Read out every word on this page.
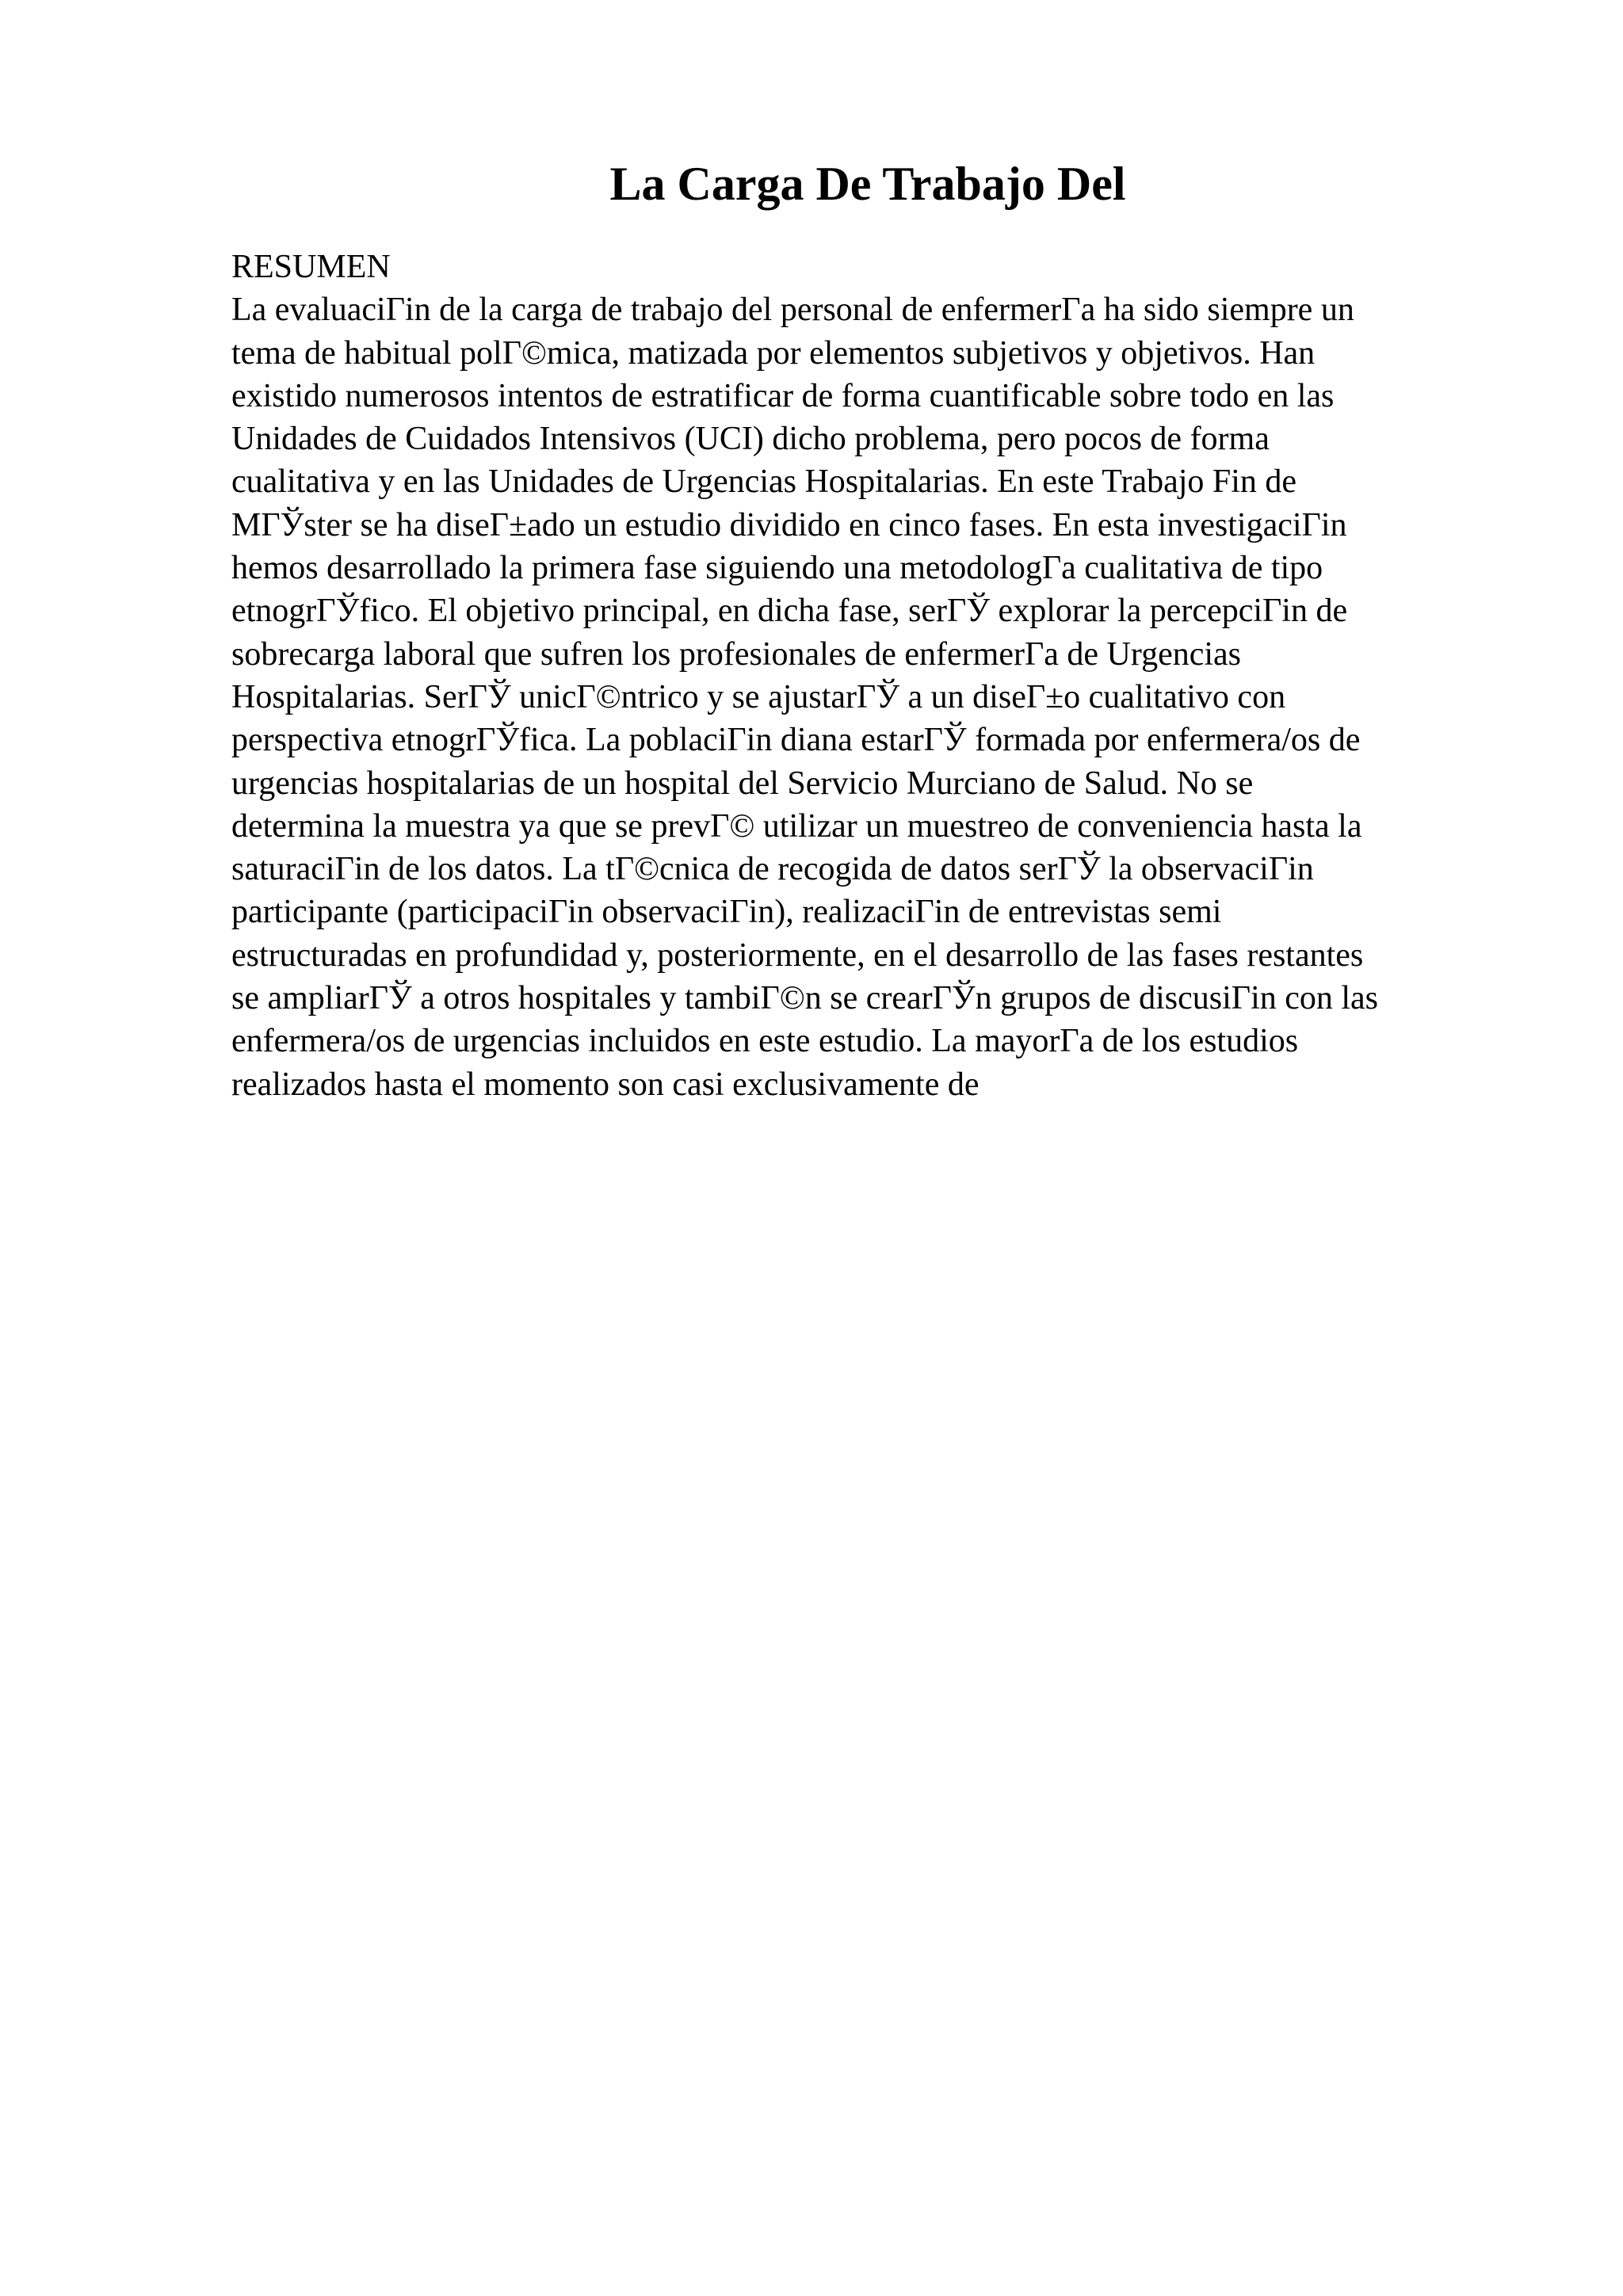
La Carga De Trabajo Del
RESUMEN
La evaluaciГin de la carga de trabajo del personal de enfermerГa ha sido siempre un
tema de habitual polГ©mica, matizada por elementos subjetivos y objetivos. Han
existido numerosos intentos de estratificar de forma cuantificable sobre todo en las
Unidades de Cuidados Intensivos (UCI) dicho problema, pero pocos de forma
cualitativa y en las Unidades de Urgencias Hospitalarias. En este Trabajo Fin de
MГЎster se ha diseГ±ado un estudio dividido en cinco fases. En esta investigaciГin
hemos desarrollado la primera fase siguiendo una metodologГa cualitativa de tipo
etnogrГЎfico. El objetivo principal, en dicha fase, serГЎ explorar la percepciГin de
sobrecarga laboral que sufren los profesionales de enfermerГa de Urgencias
Hospitalarias. SerГЎ unicГ©ntrico y se ajustarГЎ a un diseГ±o cualitativo con
perspectiva etnogrГЎfica. La poblaciГin diana estarГЎ formada por enfermera/os de
urgencias hospitalarias de un hospital del Servicio Murciano de Salud. No se
determina la muestra ya que se prevГ© utilizar un muestreo de conveniencia hasta la
saturaciГin de los datos. La tГ©cnica de recogida de datos serГЎ la observaciГin
participante (participaciГin observaciГin), realizaciГin de entrevistas semi
estructuradas en profundidad y, posteriormente, en el desarrollo de las fases restantes
se ampliarГЎ a otros hospitales y tambiГ©n se crearГЎn grupos de discusiГin con las
enfermera/os de urgencias incluidos en este estudio. La mayorГa de los estudios
realizados hasta el momento son casi exclusivamente de
